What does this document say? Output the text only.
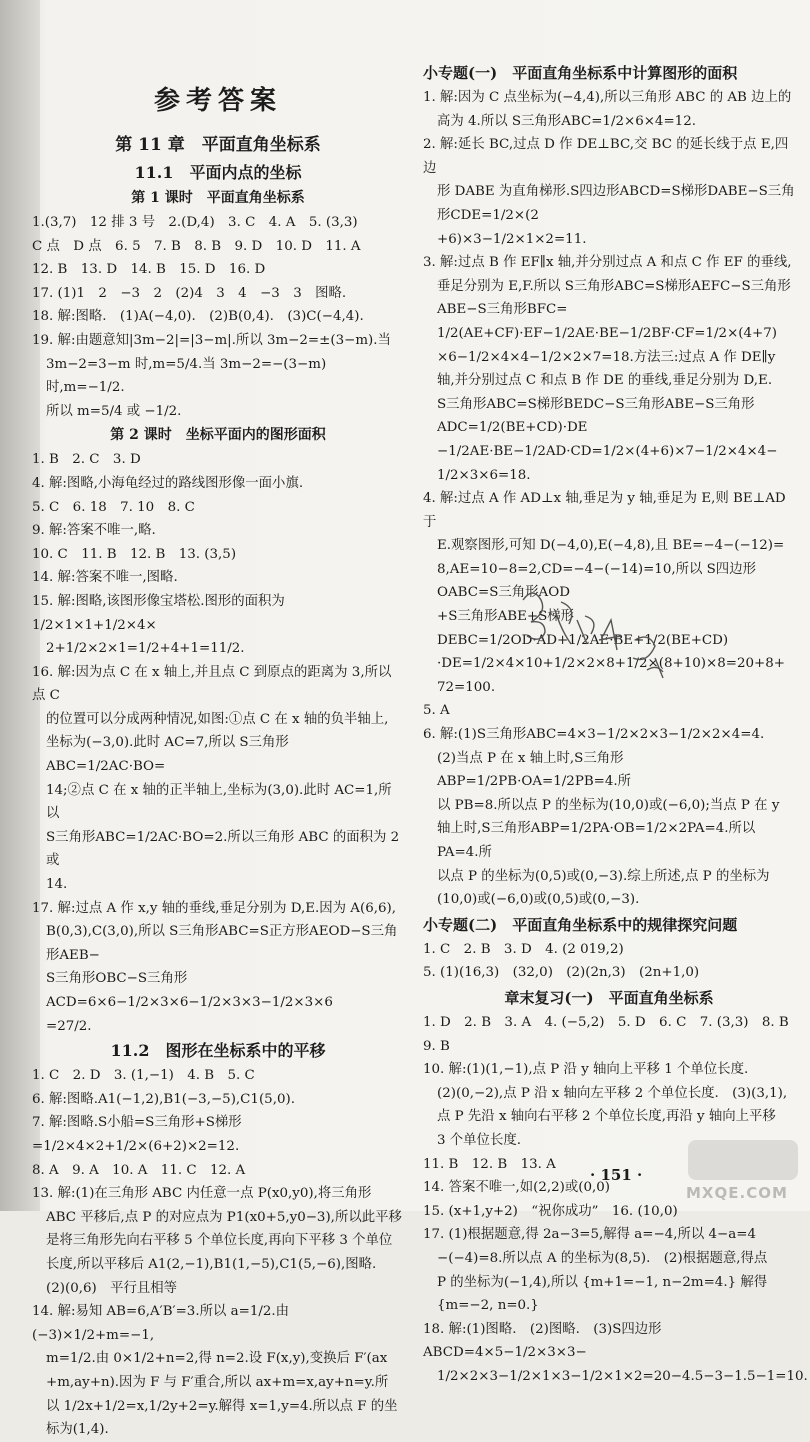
参考答案

第 11 章　平面直角坐标系

11.1　平面内点的坐标

第 1 课时　平面直角坐标系

1.(3,7)　12 排 3 号　2.(D,4)　3. C　4. A　5. (3,3)

C 点　D 点　6. 5　7. B　8. B　9. D　10. D　11. A

12. B　13. D　14. B　15. D　16. D

17. (1)1　2　−3　2　(2)4　3　4　−3　3　图略.

18. 解:图略.　(1)A(−4,0).　(2)B(0,4).　(3)C(−4,4).

19. 解:由题意知|3m−2|=|3−m|.所以 3m−2=±(3−m).当

3m−2=3−m 时,m=5/4.当 3m−2=−(3−m)时,m=−1/2.

所以 m=5/4 或 −1/2.

第 2 课时　坐标平面内的图形面积

1. B　2. C　3. D

4. 解:图略,小海龟经过的路线图形像一面小旗.

5. C　6. 18　7. 10　8. C

9. 解:答案不唯一,略.

10. C　11. B　12. B　13. (3,5)

14. 解:答案不唯一,图略.

15. 解:图略,该图形像宝塔松.图形的面积为 1/2×1×1+1/2×4×

2+1/2×2×1=1/2+4+1=11/2.

16. 解:因为点 C 在 x 轴上,并且点 C 到原点的距离为 3,所以点 C

的位置可以分成两种情况,如图:①点 C 在 x 轴的负半轴上,

坐标为(−3,0).此时 AC=7,所以 S三角形ABC=1/2AC·BO=

14;②点 C 在 x 轴的正半轴上,坐标为(3,0).此时 AC=1,所以

S三角形ABC=1/2AC·BO=2.所以三角形 ABC 的面积为 2 或

14.

17. 解:过点 A 作 x,y 轴的垂线,垂足分别为 D,E.因为 A(6,6),

B(0,3),C(3,0),所以 S三角形ABC=S正方形AEOD−S三角形AEB−

S三角形OBC−S三角形ACD=6×6−1/2×3×6−1/2×3×3−1/2×3×6

=27/2.

11.2　图形在坐标系中的平移

1. C　2. D　3. (1,−1)　4. B　5. C

6. 解:图略.A1(−1,2),B1(−3,−5),C1(5,0).

7. 解:图略.S小船=S三角形+S梯形=1/2×4×2+1/2×(6+2)×2=12.

8. A　9. A　10. A　11. C　12. A

13. 解:(1)在三角形 ABC 内任意一点 P(x0,y0),将三角形

ABC 平移后,点 P 的对应点为 P1(x0+5,y0−3),所以此平移

是将三角形先向右平移 5 个单位长度,再向下平移 3 个单位

长度,所以平移后 A1(2,−1),B1(1,−5),C1(5,−6),图略.

(2)(0,6)　平行且相等

14. 解:易知 AB=6,A′B′=3.所以 a=1/2.由(−3)×1/2+m=−1,

m=1/2.由 0×1/2+n=2,得 n=2.设 F(x,y),变换后 F′(ax

+m,ay+n).因为 F 与 F′重合,所以 ax+m=x,ay+n=y.所

以 1/2x+1/2=x,1/2y+2=y.解得 x=1,y=4.所以点 F 的坐

标为(1,4).

小专题(一)　平面直角坐标系中计算图形的面积

1. 解:因为 C 点坐标为(−4,4),所以三角形 ABC 的 AB 边上的

高为 4.所以 S三角形ABC=1/2×6×4=12.

2. 解:延长 BC,过点 D 作 DE⊥BC,交 BC 的延长线于点 E,四边

形 DABE 为直角梯形.S四边形ABCD=S梯形DABE−S三角形CDE=1/2×(2

+6)×3−1/2×1×2=11.

3. 解:过点 B 作 EF∥x 轴,并分别过点 A 和点 C 作 EF 的垂线,

垂足分别为 E,F.所以 S三角形ABC=S梯形AEFC−S三角形ABE−S三角形BFC=

1/2(AE+CF)·EF−1/2AE·BE−1/2BF·CF=1/2×(4+7)

×6−1/2×4×4−1/2×2×7=18.方法三:过点 A 作 DE∥y

轴,并分别过点 C 和点 B 作 DE 的垂线,垂足分别为 D,E.

S三角形ABC=S梯形BEDC−S三角形ABE−S三角形ADC=1/2(BE+CD)·DE

−1/2AE·BE−1/2AD·CD=1/2×(4+6)×7−1/2×4×4−

1/2×3×6=18.

4. 解:过点 A 作 AD⊥x 轴,垂足为 y 轴,垂足为 E,则 BE⊥AD 于

E.观察图形,可知 D(−4,0),E(−4,8),且 BE=−4−(−12)=

8,AE=10−8=2,CD=−4−(−14)=10,所以 S四边形OABC=S三角形AOD

+S三角形ABE+S梯形DEBC=1/2OD·AD+1/2AE·BE+1/2(BE+CD)

·DE=1/2×4×10+1/2×2×8+1/2×(8+10)×8=20+8+

72=100.

5. A

6. 解:(1)S三角形ABC=4×3−1/2×2×3−1/2×2×4=4.

(2)当点 P 在 x 轴上时,S三角形ABP=1/2PB·OA=1/2PB=4.所

以 PB=8.所以点 P 的坐标为(10,0)或(−6,0);当点 P 在 y

轴上时,S三角形ABP=1/2PA·OB=1/2×2PA=4.所以 PA=4.所

以点 P 的坐标为(0,5)或(0,−3).综上所述,点 P 的坐标为

(10,0)或(−6,0)或(0,5)或(0,−3).

小专题(二)　平面直角坐标系中的规律探究问题

1. C　2. B　3. D　4. (2 019,2)

5. (1)(16,3)　(32,0)　(2)(2n,3)　(2n+1,0)

章末复习(一)　平面直角坐标系

1. D　2. B　3. A　4. (−5,2)　5. D　6. C　7. (3,3)　8. B　9. B

10. 解:(1)(1,−1),点 P 沿 y 轴向上平移 1 个单位长度.

(2)(0,−2),点 P 沿 x 轴向左平移 2 个单位长度.　(3)(3,1),

点 P 先沿 x 轴向右平移 2 个单位长度,再沿 y 轴向上平移

3 个单位长度.

11. B　12. B　13. A

14. 答案不唯一,如(2,2)或(0,0)

15. (x+1,y+2)　“祝你成功”　16. (10,0)

17. (1)根据题意,得 2a−3=5,解得 a=−4,所以 4−a=4

−(−4)=8.所以点 A 的坐标为(8,5).　(2)根据题意,得点

P 的坐标为(−1,4),所以 {m+1=−1, n−2m=4.} 解得 {m=−2, n=0.}

18. 解:(1)图略.　(2)图略.　(3)S四边形ABCD=4×5−1/2×3×3−

1/2×2×3−1/2×1×3−1/2×1×2=20−4.5−3−1.5−1=10.

· 151 ·
MXQE.COM
